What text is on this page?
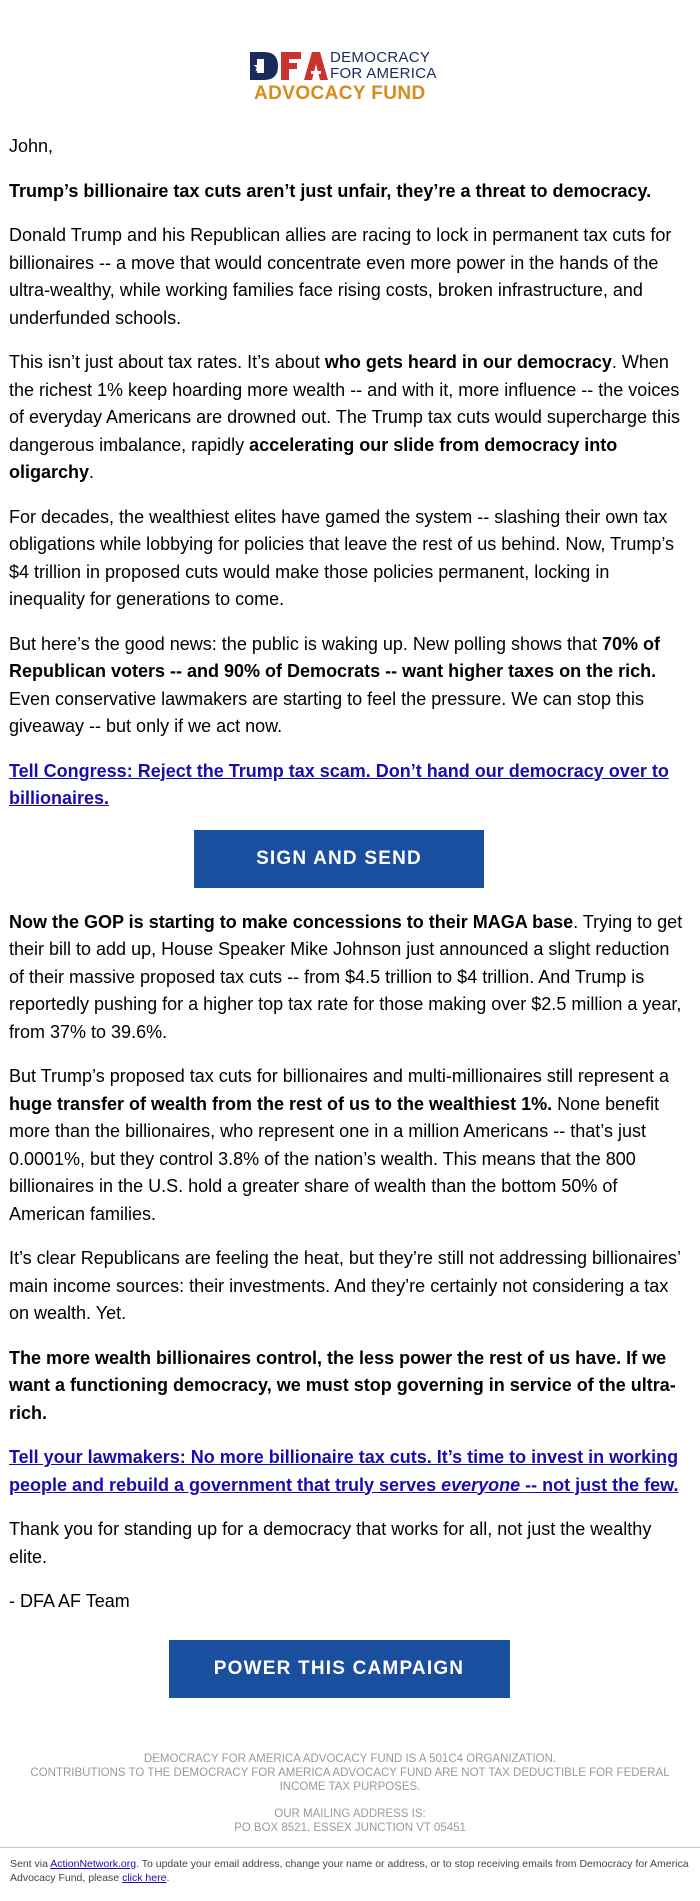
DEMOCRACY
FOR AMERICA
ADVOCACY FUND

John,

Trump’s billionaire tax cuts aren’t just unfair, they’re a threat to democracy.

Donald Trump and his Republican allies are racing to lock in permanent tax cuts for billionaires -- a move that would concentrate even more power in the hands of the ultra-wealthy, while working families face rising costs, broken infrastructure, and underfunded schools.

This isn’t just about tax rates. It’s about who gets heard in our democracy. When the richest 1% keep hoarding more wealth -- and with it, more influence -- the voices of everyday Americans are drowned out. The Trump tax cuts would supercharge this dangerous imbalance, rapidly accelerating our slide from democracy into oligarchy.

For decades, the wealthiest elites have gamed the system -- slashing their own tax obligations while lobbying for policies that leave the rest of us behind. Now, Trump’s $4 trillion in proposed cuts would make those policies permanent, locking in inequality for generations to come.

But here’s the good news: the public is waking up. New polling shows that 70% of Republican voters -- and 90% of Democrats -- want higher taxes on the rich. Even conservative lawmakers are starting to feel the pressure. We can stop this giveaway -- but only if we act now.

Tell Congress: Reject the Trump tax scam. Don’t hand our democracy over to billionaires.

SIGN AND SEND

Now the GOP is starting to make concessions to their MAGA base. Trying to get their bill to add up, House Speaker Mike Johnson just announced a slight reduction of their massive proposed tax cuts -- from $4.5 trillion to $4 trillion. And Trump is reportedly pushing for a higher top tax rate for those making over $2.5 million a year, from 37% to 39.6%.

But Trump’s proposed tax cuts for billionaires and multi-millionaires still represent a huge transfer of wealth from the rest of us to the wealthiest 1%. None benefit more than the billionaires, who represent one in a million Americans -- that’s just 0.0001%, but they control 3.8% of the nation’s wealth. This means that the 800 billionaires in the U.S. hold a greater share of wealth than the bottom 50% of American families.

It’s clear Republicans are feeling the heat, but they’re still not addressing billionaires’ main income sources: their investments. And they’re certainly not considering a tax on wealth. Yet.

The more wealth billionaires control, the less power the rest of us have. If we want a functioning democracy, we must stop governing in service of the ultra-rich.

Tell your lawmakers: No more billionaire tax cuts. It’s time to invest in working people and rebuild a government that truly serves everyone -- not just the few.

Thank you for standing up for a democracy that works for all, not just the wealthy elite.

- DFA AF Team

POWER THIS CAMPAIGN
DEMOCRACY FOR AMERICA ADVOCACY FUND IS A 501C4 ORGANIZATION.
CONTRIBUTIONS TO THE DEMOCRACY FOR AMERICA ADVOCACY FUND ARE NOT TAX DEDUCTIBLE FOR FEDERAL INCOME TAX PURPOSES.
OUR MAILING ADDRESS IS:
PO BOX 8521, ESSEX JUNCTION VT 05451
Sent via ActionNetwork.org. To update your email address, change your name or address, or to stop receiving emails from Democracy for America Advocacy Fund, please click here.
